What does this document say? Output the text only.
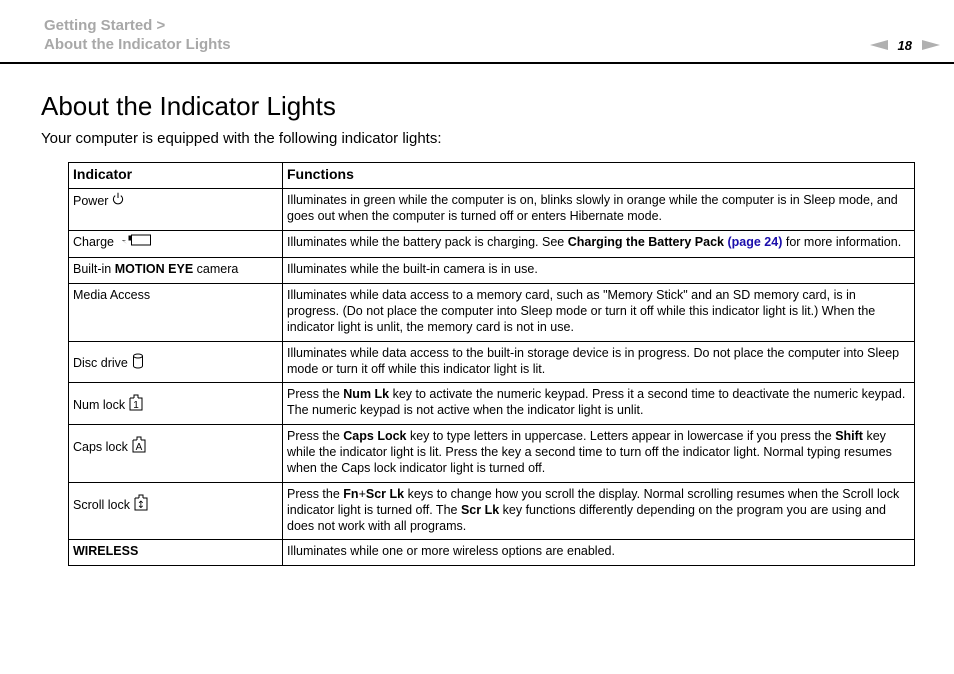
Getting Started >
About the Indicator Lights	18
About the Indicator Lights
Your computer is equipped with the following indicator lights:
Indicator	Functions

Power	Illuminates in green while the computer is on, blinks slowly in orange while the computer is in Sleep mode, and goes out when the computer is turned off or enters Hibernate mode.

Charge	Illuminates while the battery pack is charging. See Charging the Battery Pack (page 24) for more information.
Built-in MOTION EYE camera	Illuminates while the built-in camera is in use.
Media Access	Illuminates while data access to a memory card, such as "Memory Stick" and an SD memory card, is in progress. (Do not place the computer into Sleep mode or turn it off while this indicator light is lit.) When the indicator light is unlit, the memory card is not in use.

Disc drive	Illuminates while data access to the built-in storage device is in progress. Do not place the computer into Sleep mode or turn it off while this indicator light is lit.

Num lock 1	Press the Num Lk key to activate the numeric keypad. Press it a second time to deactivate the numeric keypad. The numeric keypad is not active when the indicator light is unlit.

Caps lock A	Press the Caps Lock key to type letters in uppercase. Letters appear in lowercase if you press the Shift key while the indicator light is lit. Press the key a second time to turn off the indicator light. Normal typing resumes when the Caps lock indicator light is turned off.

Scroll lock ↕	Press the Fn+Scr Lk keys to change how you scroll the display. Normal scrolling resumes when the Scroll lock indicator light is turned off. The Scr Lk key functions differently depending on the program you are using and does not work with all programs.
WIRELESS	Illuminates while one or more wireless options are enabled.
